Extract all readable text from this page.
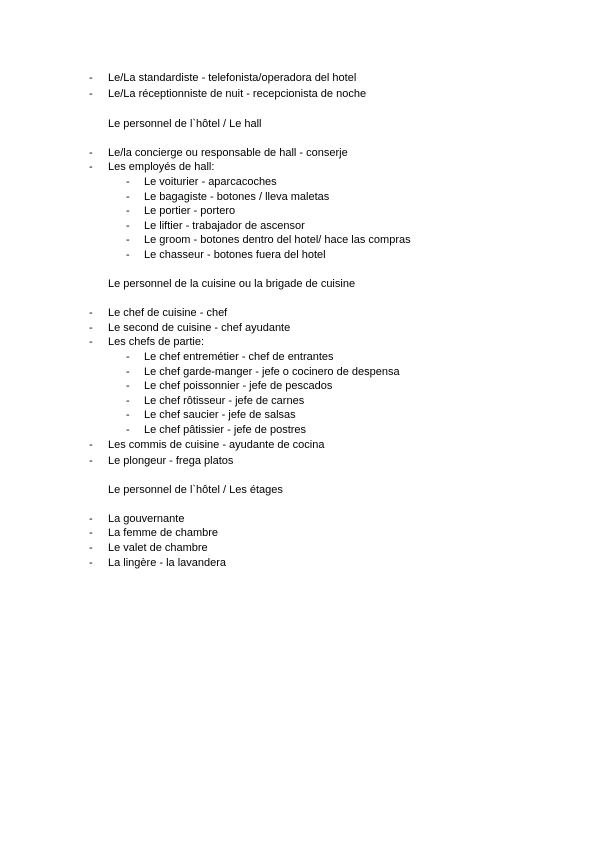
- Le/La standardiste - telefonista/operadora del hotel
- Le/La réceptionniste de nuit - recepcionista de noche
Le personnel de l`hôtel / Le hall
- Le/la concierge ou responsable de hall - conserje
- Les employés de hall:
- Le voiturier - aparcacoches
- Le bagagiste - botones / lleva maletas
- Le portier - portero
- Le liftier - trabajador de ascensor
- Le groom - botones dentro del hotel/ hace las compras
- Le chasseur - botones fuera del hotel
Le personnel de la cuisine ou la brigade de cuisine
- Le chef de cuisine - chef
- Le second de cuisine - chef ayudante
- Les chefs de partie:
- Le chef entremétier - chef de entrantes
- Le chef garde-manger - jefe o cocinero de despensa
- Le chef poissonnier - jefe de pescados
- Le chef rôtisseur - jefe de carnes
- Le chef saucier - jefe de salsas
- Le chef pâtissier - jefe de postres
- Les commis de cuisine - ayudante de cocina
- Le plongeur - frega platos
Le personnel de l`hôtel / Les étages
- La gouvernante
- La femme de chambre
- Le valet de chambre
- La lingère - la lavandera
